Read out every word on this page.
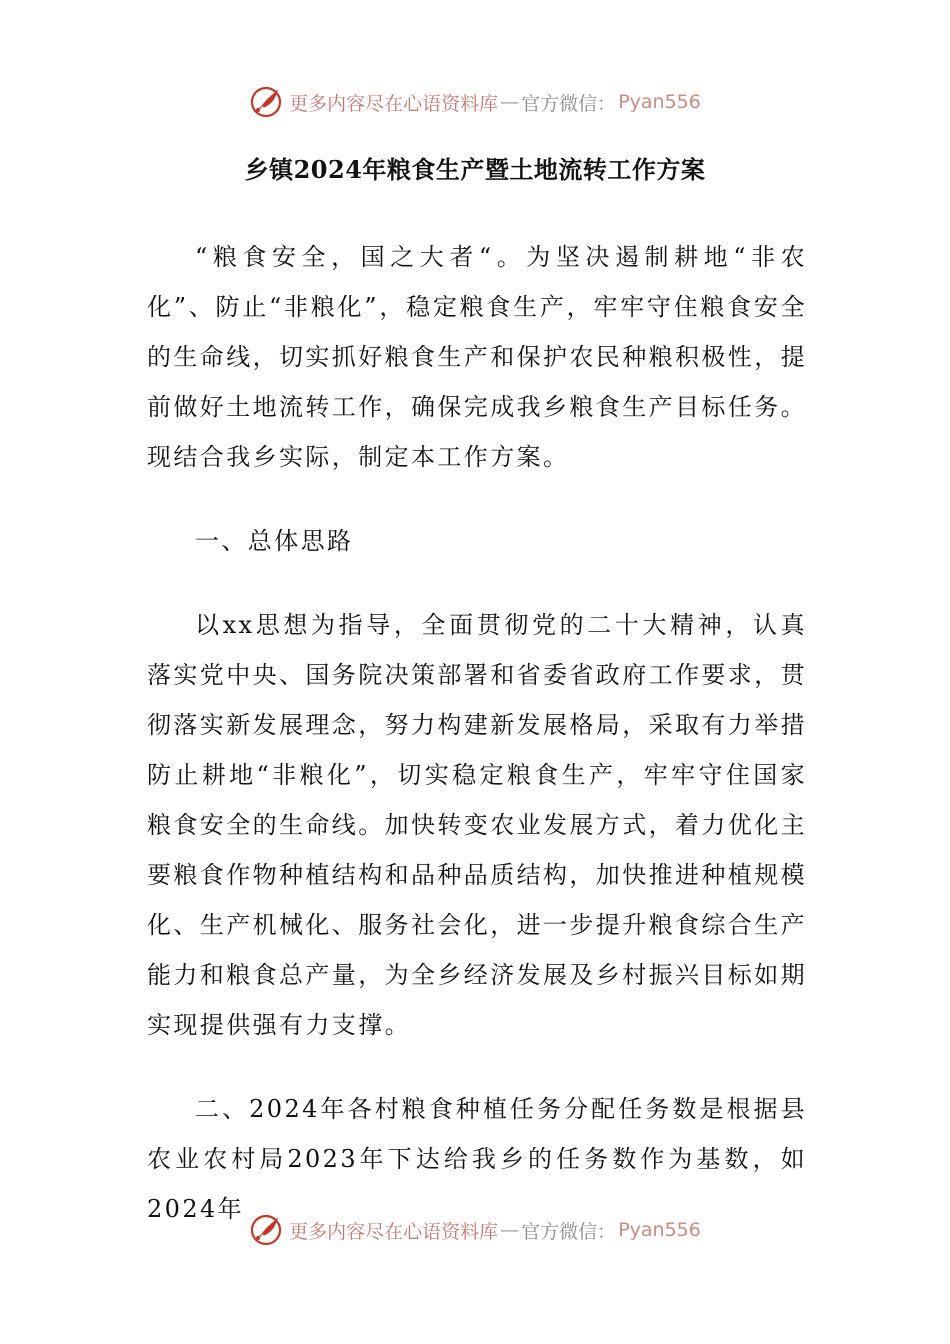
更多内容尽在心语资料库 — 官方微信： Pyan556
乡镇2024年粮食生产暨土地流转工作方案

“粮食安全，国之大者“。为坚决遏制耕地“非农化”、防止“非粮化”，稳定粮食生产，牢牢守住粮食安全的生命线，切实抓好粮食生产和保护农民种粮积极性，提前做好土地流转工作，确保完成我乡粮食生产目标任务。现结合我乡实际，制定本工作方案。

一、总体思路

以xx思想为指导，全面贯彻党的二十大精神，认真落实党中央、国务院决策部署和省委省政府工作要求，贯彻落实新发展理念，努力构建新发展格局，采取有力举措防止耕地“非粮化”，切实稳定粮食生产，牢牢守住国家粮食安全的生命线。加快转变农业发展方式，着力优化主要粮食作物种植结构和品种品质结构，加快推进种植规模化、生产机械化、服务社会化，进一步提升粮食综合生产能力和粮食总产量，为全乡经济发展及乡村振兴目标如期实现提供强有力支撑。

二、2024年各村粮食种植任务分配任务数是根据县农业农村局2023年下达给我乡的任务数作为基数，如2024年

更多内容尽在心语资料库 — 官方微信： Pyan556
